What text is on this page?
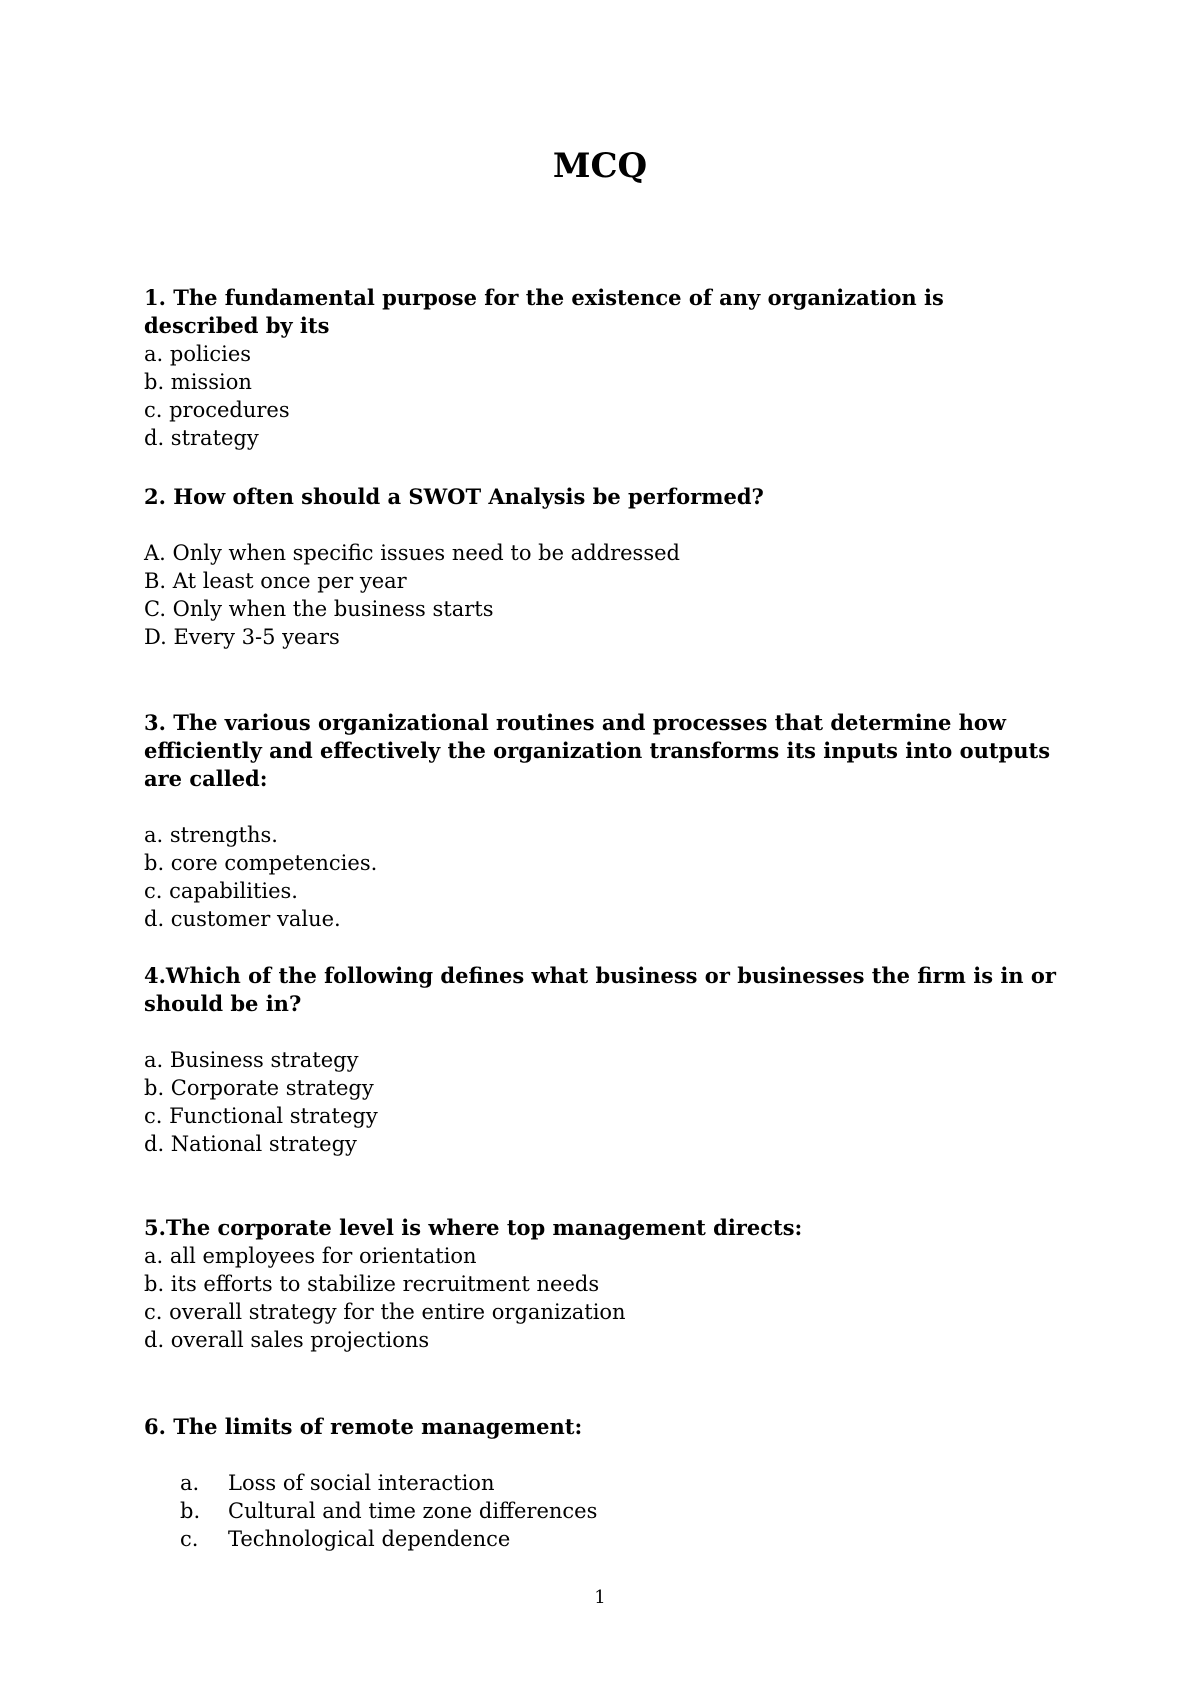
MCQ

1. The fundamental purpose for the existence of any organization is described by its

a. policies
b. mission
c. procedures
d. strategy

2. How often should a SWOT Analysis be performed?

A. Only when specific issues need to be addressed
B. At least once per year
C. Only when the business starts
D. Every 3-5 years

3. The various organizational routines and processes that determine how efficiently and effectively the organization transforms its inputs into outputs are called:

a. strengths.
b. core competencies.
c. capabilities.
d. customer value.

4.Which of the following defines what business or businesses the firm is in or should be in?

a. Business strategy
b. Corporate strategy
c. Functional strategy
d. National strategy

5.The corporate level is where top management directs:

a. all employees for orientation
b. its efforts to stabilize recruitment needs
c. overall strategy for the entire organization
d. overall sales projections

6. The limits of remote management:

a.	Loss of social interaction
b.	Cultural and time zone differences
c.	Technological dependence
1
